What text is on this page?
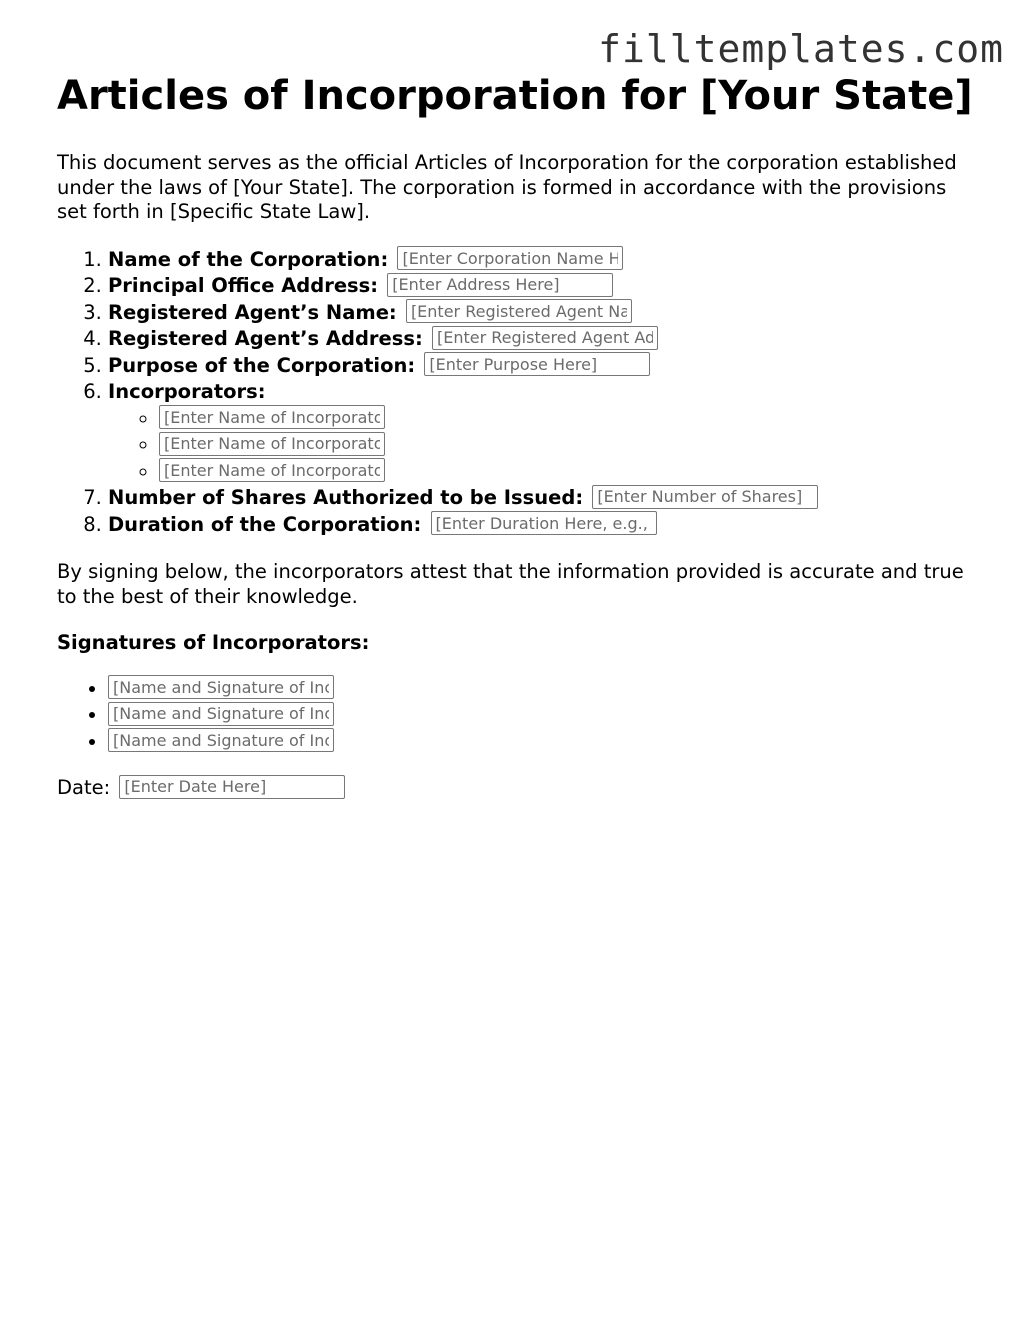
filltemplates.com
Articles of Incorporation for [Your State]

This document serves as the official Articles of Incorporation for the corporation established under the laws of [Your State]. The corporation is formed in accordance with the provisions set forth in [Specific State Law].

1. Name of the Corporation: [Enter Corporation Name Here]
2. Principal Office Address: [Enter Address Here]
3. Registered Agent’s Name: [Enter Registered Agent Name]
4. Registered Agent’s Address: [Enter Registered Agent Address]
5. Purpose of the Corporation: [Enter Purpose Here]
6. Incorporators:
◦ [Enter Name of Incorporator]
◦ [Enter Name of Incorporator]
◦ [Enter Name of Incorporator]
7. Number of Shares Authorized to be Issued: [Enter Number of Shares]
8. Duration of the Corporation: [Enter Duration Here, e.g., Perpetual]

By signing below, the incorporators attest that the information provided is accurate and true to the best of their knowledge.

Signatures of Incorporators:

• [Name and Signature of Incorporator]
• [Name and Signature of Incorporator]
• [Name and Signature of Incorporator]
Date: [Enter Date Here]
